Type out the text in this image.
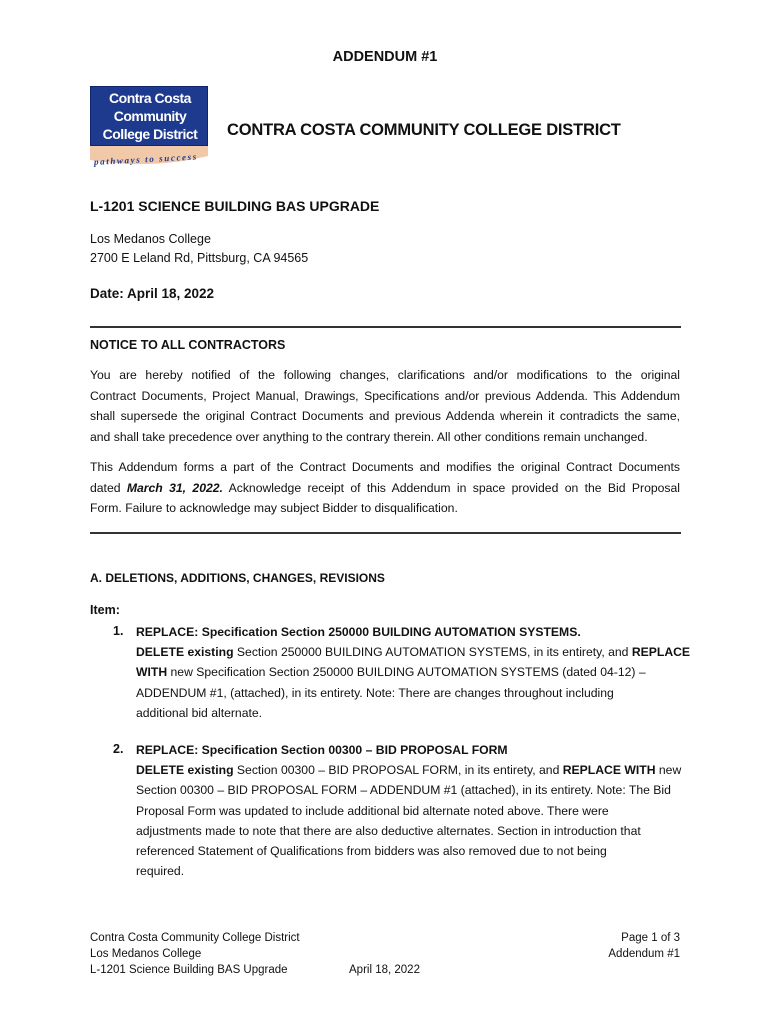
ADDENDUM #1
Contra Costa
Community
College District
pathways to success
CONTRA COSTA COMMUNITY COLLEGE DISTRICT
L-1201 SCIENCE BUILDING BAS UPGRADE
Los Medanos College
2700 E Leland Rd, Pittsburg, CA 94565
Date: April 18, 2022
NOTICE TO ALL CONTRACTORS
You are hereby notified of the following changes, clarifications and/or modifications to the original
Contract Documents, Project Manual, Drawings, Specifications and/or previous Addenda. This Addendum
shall supersede the original Contract Documents and previous Addenda wherein it contradicts the same,
and shall take precedence over anything to the contrary therein. All other conditions remain unchanged.
This Addendum forms a part of the Contract Documents and modifies the original Contract Documents
dated March 31, 2022. Acknowledge receipt of this Addendum in space provided on the Bid Proposal
Form. Failure to acknowledge may subject Bidder to disqualification.
A. DELETIONS, ADDITIONS, CHANGES, REVISIONS
Item:
1. REPLACE: Specification Section 250000 BUILDING AUTOMATION SYSTEMS.
DELETE existing Section 250000 BUILDING AUTOMATION SYSTEMS, in its entirety, and REPLACE
WITH new Specification Section 250000 BUILDING AUTOMATION SYSTEMS (dated 04-12) –
ADDENDUM #1, (attached), in its entirety. Note: There are changes throughout including
additional bid alternate.
2. REPLACE: Specification Section 00300 – BID PROPOSAL FORM
DELETE existing Section 00300 – BID PROPOSAL FORM, in its entirety, and REPLACE WITH new
Section 00300 – BID PROPOSAL FORM – ADDENDUM #1 (attached), in its entirety. Note: The Bid
Proposal Form was updated to include additional bid alternate noted above. There were
adjustments made to note that there are also deductive alternates. Section in introduction that
referenced Statement of Qualifications from bidders was also removed due to not being
required.
Contra Costa Community College District
Los Medanos College
L-1201 Science Building BAS Upgrade	April 18, 2022
Page 1 of 3
Addendum #1
